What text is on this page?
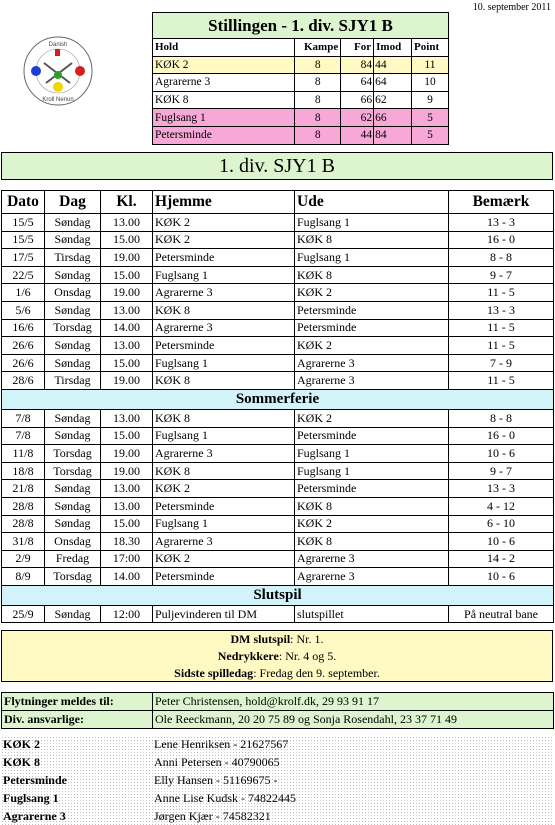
10. september 2011
Danish
Kroll Nenun
Stillingen - 1. div. SJY1 B				
Hold	Kampe	For	Imod	Point
KØK 2	8	84	44	11
Agrarerne 3	8	64	64	10
KØK 8	8	66	62	9
Fuglsang 1	8	62	66	5
Petersminde	8	44	84	5
1. div. SJY1 B
Dato	Dag	Kl.	Hjemme	Ude	Bemærk
15/5	Søndag	13.00	KØK 2	Fuglsang 1	13 - 3
15/5	Søndag	15.00	KØK 2	KØK 8	16 - 0
17/5	Tirsdag	19.00	Petersminde	Fuglsang 1	8 - 8
22/5	Søndag	15.00	Fuglsang 1	KØK 8	9 - 7
1/6	Onsdag	19.00	Agrarerne 3	KØK 2	11 - 5
5/6	Søndag	13.00	KØK 8	Petersminde	13 - 3
16/6	Torsdag	14.00	Agrarerne 3	Petersminde	11 - 5
26/6	Søndag	13.00	Petersminde	KØK 2	11 - 5
26/6	Søndag	15.00	Fuglsang 1	Agrarerne 3	7 - 9
28/6	Tirsdag	19.00	KØK 8	Agrarerne 3	11 - 5
Sommerferie					
7/8	Søndag	13.00	KØK 8	KØK 2	8 - 8
7/8	Søndag	15.00	Fuglsang 1	Petersminde	16 - 0
11/8	Torsdag	19.00	Agrarerne 3	Fuglsang 1	10 - 6
18/8	Torsdag	19.00	KØK 8	Fuglsang 1	9 - 7
21/8	Søndag	13.00	KØK 2	Petersminde	13 - 3
28/8	Søndag	13.00	Petersminde	KØK 8	4 - 12
28/8	Søndag	15.00	Fuglsang 1	KØK 2	6 - 10
31/8	Onsdag	18.30	Agrarerne 3	KØK 8	10 - 6
2/9	Fredag	17:00	KØK 2	Agrarerne 3	14 - 2
8/9	Torsdag	14.00	Petersminde	Agrarerne 3	10 - 6
Slutspil					
25/9	Søndag	12:00	Puljevinderen til DM	slutspillet	På neutral bane
DM slutspil: Nr. 1.
Nedrykkere: Nr. 4 og 5.
Sidste spilledag: Fredag den 9. september.
Flytninger meldes til:	Peter Christensen, hold@krolf.dk, 29 93 91 17
Div. ansvarlige:	Ole Reeckmann, 20 20 75 89 og Sonja Rosendahl, 23 37 71 49
KØK 2	Lene Henriksen - 21627567
KØK 8	Anni Petersen - 40790065
Petersminde	Elly Hansen - 51169675 -
Fuglsang 1	Anne Lise Kudsk - 74822445
Agrarerne 3	Jørgen Kjær - 74582321
